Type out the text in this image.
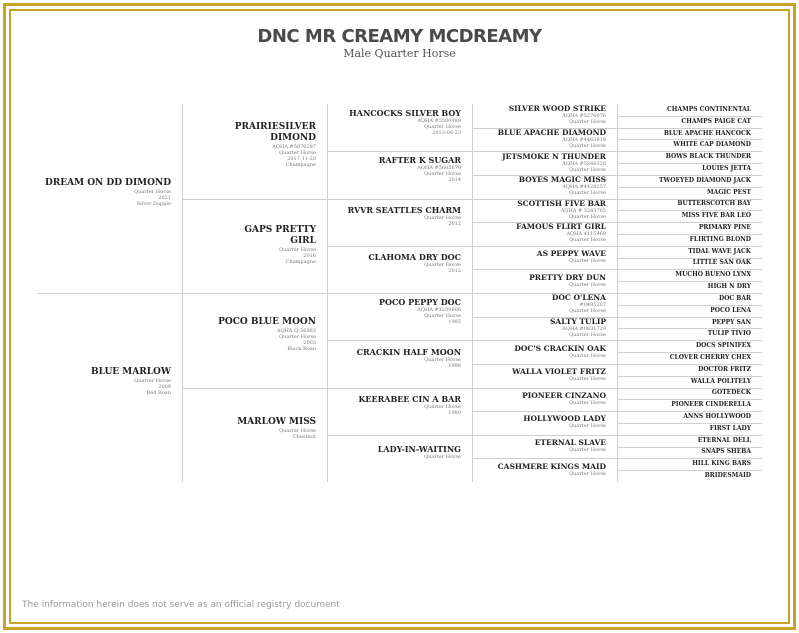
DNC MR CREAMY MCDREAMY
Male Quarter Horse
DREAM ON DD DIMOND
Quarter Horse
2021
Silver Dapple
BLUE MARLOW
Quarter Horse
2009
Red Roan
PRAIRIESILVER DIMOND
AQHA #5870297
Quarter Horse
2017-11-20
Champagne
GAPS PRETTY GIRL
Quarter Horse
2016
Champagne
POCO BLUE MOON
AQHA Q-56983
Quarter Horse
2003
Black Roan
MARLOW MISS
Quarter Horse
Chestnut
HANCOCKS SILVER BOY
AQHA #5500489
Quarter Horse
2013-08-23
RAFTER K SUGAR
AQHA #5605670
Quarter Horse
2014
RVVR SEATTLES CHARM
Quarter Horse
2012
CLAHOMA DRY DOC
Quarter Horse
2012
POCO PEPPY DOC
AQHA #1239606
Quarter Horse
1985
CRACKIN HALF MOON
Quarter Horse
1998
KEERABEE CIN A BAR
Quarter Horse
1980
LADY-IN-WAITING
Quarter Horse
SILVER WOOD STRIKE
AQHA #5276076
Quarter Horse
BLUE APACHE DIAMOND
AQHA #4463818
Quarter Horse
JETSMOKE N THUNDER
AQHA #5846326
Quarter Horse
BOYES MAGIC MISS
AQHA #4428257
Quarter Horse
SCOTTISH FIVE BAR
AQHA # 3243705
Quarter Horse
FAMOUS FLIRT GIRL
AQHA 4115469
Quarter Horse
AS PEPPY WAVE
Quarter Horse
PRETTY DRY DUN
Quarter Horse
DOC O'LENA
#0495207
Quarter Horse
SALTY TULIP
AQHA #0831729
Quarter Horse
DOC'S CRACKIN OAK
Quarter Horse
WALLA VIOLET FRITZ
Quarter Horse
PIONEER CINZANO
Quarter Horse
HOLLYWOOD LADY
Quarter Horse
ETERNAL SLAVE
Quarter Horse
CASHMERE KINGS MAID
Quarter Horse
CHAMPS CONTINENTAL
CHAMPS PAIGE CAT
BLUE APACHE HANCOCK
WHITE CAP DIAMOND
BOWS BLACK THUNDER
LOUIES JETTA
TWOEYED DIAMOND JACK
MAGIC PEST
BUTTERSCOTCH BAY
MISS FIVE BAR LEO
PRIMARY PINE
FLIRTING BLOND
TIDAL WAVE JACK
LITTLE SAN OAK
MUCHO BUENO LYNX
HIGH N DRY
DOC BAR
POCO LENA
PEPPY SAN
TULIP TIVIO
DOCS SPINIFEX
CLOVER CHERRY CHEX
DOCTOR FRITZ
WALLA POLITELY
GOTEDECK
PIONEER CINDERELLA
ANNS HOLLYWOOD
FIRST LADY
ETERNAL DELL
SNAPS SHEBA
HILL KING BARS
BRIDESMAID
The information herein does not serve as an official registry document
